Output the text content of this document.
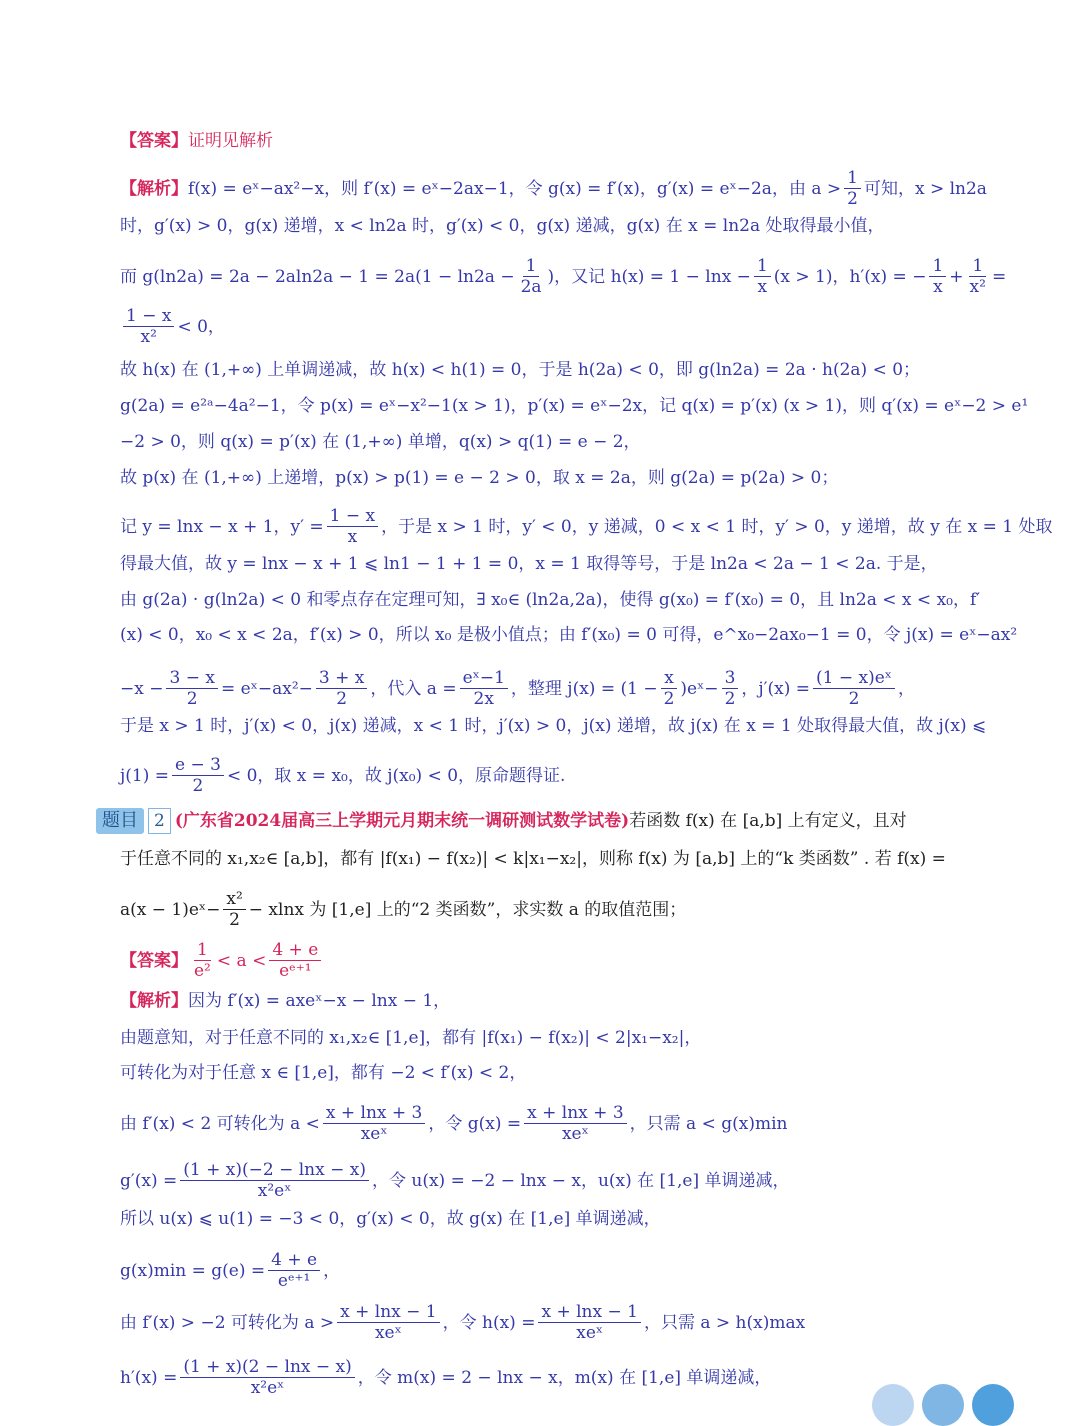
【答案】 证明见解析
【解析】 f(x) = eˣ−ax²−x，则 f′(x) = eˣ−2ax−1，令 g(x) = f′(x)，g′(x) = eˣ−2a，由 $a > \frac{1}{2}$ 可知，x > ln2a
时，g′(x) > 0，g(x) 递增，x < ln2a 时，g′(x) < 0，g(x) 递减，g(x) 在 x = ln2a 处取得最小值，
而 $g(\ln 2a) = 2a - 2aln2a - 1 = 2a(1 - \ln 2a - \frac{1}{2a}$ )，又记 $h(x) = 1 - \ln x - \frac{1}{x} (x > 1)$，h′(x) = − $\frac{1}{x} + \frac{1}{\text{x²}}$ =
$\frac{1 - x}{\text{x²}} < 0$，
故 h(x) 在 (1,+∞) 上单调递减，故 h(x) < h(1) = 0，于是 h(2a) < 0，即 g(ln2a) = 2a · h(2a) < 0；
g(2a) = e²ᵃ−4a²−1，令 p(x) = eˣ−x²−1(x > 1)，p′(x) = eˣ−2x，记 q(x) = p′(x) (x > 1)，则 q′(x) = eˣ−2 > e¹
−2 > 0，则 q(x) = p′(x) 在 (1,+∞) 单增，q(x) > q(1) = e − 2，
故 p(x) 在 (1,+∞) 上递增，p(x) > p(1) = e − 2 > 0，取 x = 2a，则 g(2a) = p(2a) > 0；
记 y = lnx − x + 1，$y' = \frac{1 - x}{x}$ ，于是 x > 1 时，y′ < 0，y 递减，0 < x < 1 时，y′ > 0，y 递增，故 y 在 x = 1 处取
得最大值，故 y = lnx − x + 1 ⩽ ln1 − 1 + 1 = 0，x = 1 取得等号，于是 ln2a < 2a − 1 < 2a. 于是，
由 g(2a) · g(ln2a) < 0 和零点存在定理可知，∃ x₀∈ (ln2a,2a)，使得 g(x₀) = f′(x₀) = 0，且 ln2a < x < x₀，f′
(x) < 0，x₀ < x < 2a，f′(x) > 0，所以 x₀ 是极小值点；由 f′(x₀) = 0 可得，e^x₀−2ax₀−1 = 0，令 j(x) = eˣ−ax²
$-x - \frac{3 - x}{2}$ = eˣ−ax²− $\frac{3 + x}{2}$ ，代入 $a = \frac{\text{eˣ−1}}{2x}$ ，整理 $j(x) = (1 - \frac{x}{2}$ )eˣ− $\frac{3}{2}$ ，$j'(x) = \frac{\text{(1 − x)eˣ}}{2}$ ，
于是 x > 1 时，j′(x) < 0，j(x) 递减，x < 1 时，j′(x) > 0，j(x) 递增，故 j(x) 在 x = 1 处取得最大值，故 j(x) ⩽
$j(1) = \frac{e - 3}{2} < 0$，取 x = x₀，故 j(x₀) < 0，原命题得证.
题目 2 (广东省2024届高三上学期元月期末统一调研测试数学试卷) 若函数 f(x) 在 [a,b] 上有定义，且对
于任意不同的 x₁,x₂∈ [a,b]，都有 |f(x₁) − f(x₂)| < k|x₁−x₂|，则称 f(x) 为 [a,b] 上的“k 类函数” . 若 f(x) =
a(x − 1)eˣ− $\frac{\text{x²}}{2} - xlnx$ 为 [1,e] 上的“2 类函数”，求实数 a 的取值范围；
【答案】 $\frac{1}{\text{e²}} < a < \frac{4 + e}{\text{eᵉ⁺¹}}$
【解析】 因为 f′(x) = axeˣ−x − lnx − 1，
由题意知，对于任意不同的 x₁,x₂∈ [1,e]，都有 |f(x₁) − f(x₂)| < 2|x₁−x₂|，
可转化为对于任意 x ∈ [1,e]，都有 −2 < f′(x) < 2，
由 f′(x) < 2 可转化为 $a < \frac{x + \ln x + 3}{\text{xeˣ}}$ ，令 $g(x) = \frac{x + \ln x + 3}{\text{xeˣ}}$ ，只需 a < g(x)min
$g'(x) = \frac{(1 + x)(-2 - \ln x - x)}{\text{x²eˣ}}$ ，令 u(x) = −2 − lnx − x，u(x) 在 [1,e] 单调递减，
所以 u(x) ⩽ u(1) = −3 < 0，g′(x) < 0，故 g(x) 在 [1,e] 单调递减，
$g(x)\min = g(e) = \frac{4 + e}{\text{eᵉ⁺¹}}$ ，
由 f′(x) > −2 可转化为 $a > \frac{x + \ln x - 1}{\text{xeˣ}}$ ，令 $h(x) = \frac{x + \ln x - 1}{\text{xeˣ}}$ ，只需 a > h(x)max
$h'(x) = \frac{(1 + x)(2 - \ln x - x)}{\text{x²eˣ}}$ ，令 m(x) = 2 − lnx − x，m(x) 在 [1,e] 单调递减，
